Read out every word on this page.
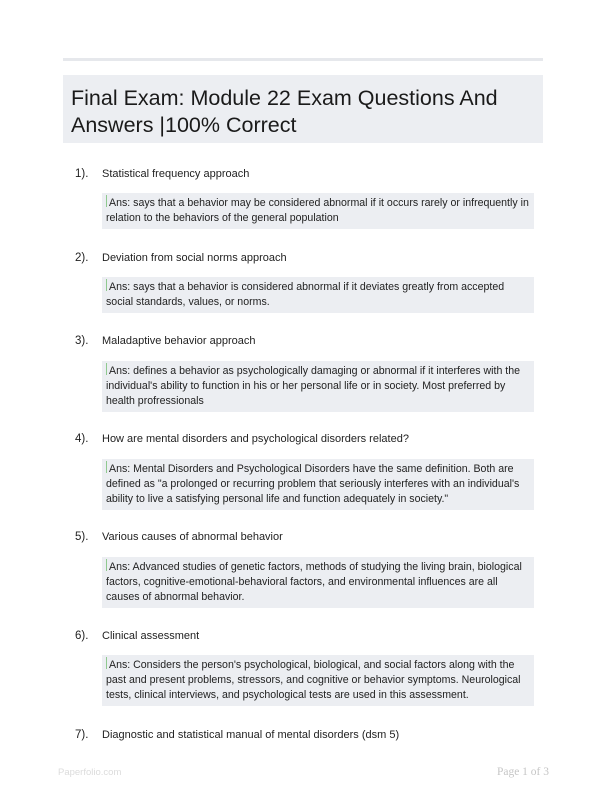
Final Exam: Module 22 Exam Questions And Answers |100% Correct
1). Statistical frequency approach
Ans: says that a behavior may be considered abnormal if it occurs rarely or infrequently in relation to the behaviors of the general population
2). Deviation from social norms approach
Ans: says that a behavior is considered abnormal if it deviates greatly from accepted social standards, values, or norms.
3). Maladaptive behavior approach
Ans: defines a behavior as psychologically damaging or abnormal if it interferes with the individual's ability to function in his or her personal life or in society. Most preferred by health profressionals
4). How are mental disorders and psychological disorders related?
Ans: Mental Disorders and Psychological Disorders have the same definition. Both are defined as "a prolonged or recurring problem that seriously interferes with an individual's ability to live a satisfying personal life and function adequately in society."
5). Various causes of abnormal behavior
Ans: Advanced studies of genetic factors, methods of studying the living brain, biological factors, cognitive-emotional-behavioral factors, and environmental influences are all causes of abnormal behavior.
6). Clinical assessment
Ans: Considers the person's psychological, biological, and social factors along with the past and present problems, stressors, and cognitive or behavior symptoms. Neurological tests, clinical interviews, and psychological tests are used in this assessment.
7). Diagnostic and statistical manual of mental disorders (dsm 5)
Paperfolio.com	Page 1 of 3
